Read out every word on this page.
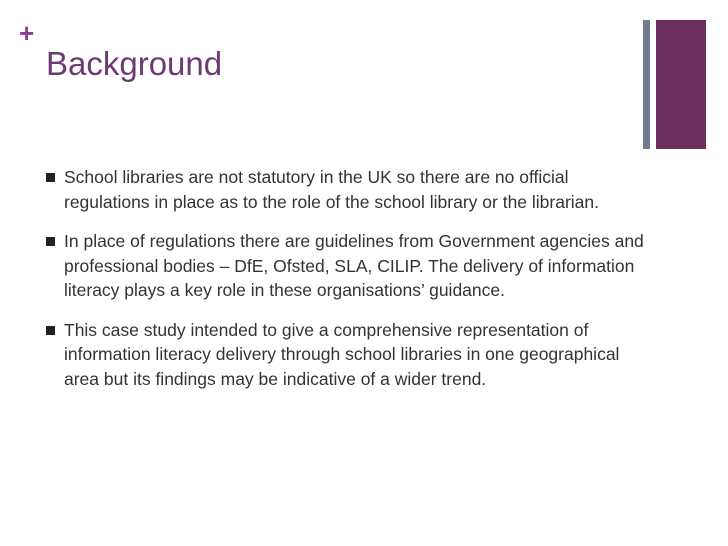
+
Background
School libraries are not statutory in the UK so there are no official regulations in place as to the role of the school library or the librarian.
In place of regulations there are guidelines from Government agencies and professional bodies – DfE, Ofsted, SLA, CILIP. The delivery of information literacy plays a key role in these organisations’ guidance.
This case study intended to give a comprehensive representation of information literacy delivery through school libraries in one geographical area but its findings may be indicative of a wider trend.
